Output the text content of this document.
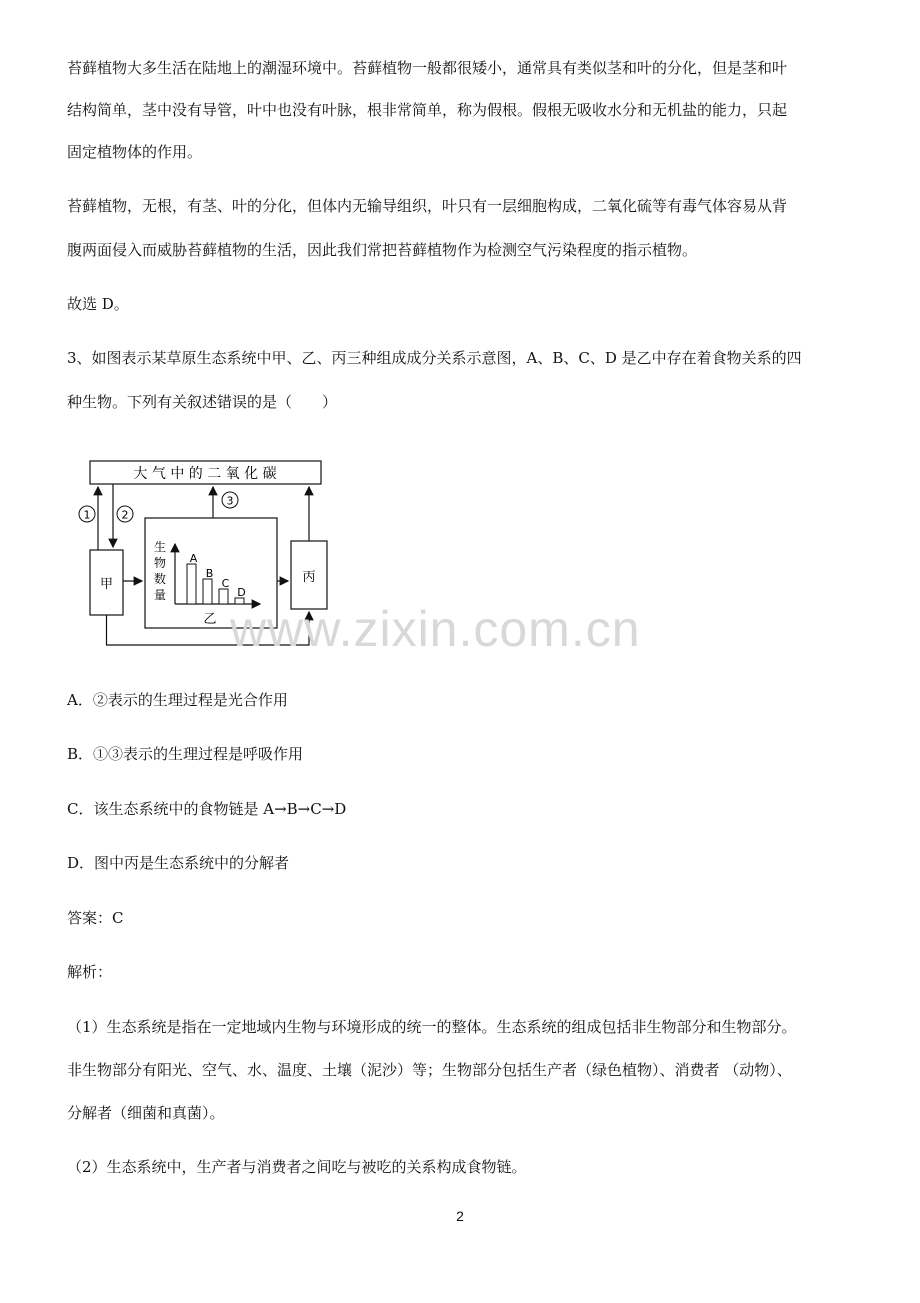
苔藓植物大多生活在陆地上的潮湿环境中。苔藓植物一般都很矮小，通常具有类似茎和叶的分化，但是茎和叶

结构简单，茎中没有导管，叶中也没有叶脉，根非常简单，称为假根。假根无吸收水分和无机盐的能力，只起

固定植物体的作用。

苔藓植物，无根，有茎、叶的分化，但体内无输导组织，叶只有一层细胞构成，二氧化硫等有毒气体容易从背

腹两面侵入而威胁苔藓植物的生活，因此我们常把苔藓植物作为检测空气污染程度的指示植物。

故选 D。

3、如图表示某草原生态系统中甲、乙、丙三种组成成分关系示意图，A、B、C、D 是乙中存在着食物关系的四

种生物。下列有关叙述错误的是（　　）

大 气 中 的 二 氧 化 碳
甲	丙
1	2
3
生
物
数
量
A
B
C
D
乙

A．②表示的生理过程是光合作用

B．①③表示的生理过程是呼吸作用

C．该生态系统中的食物链是 A→B→C→D

D．图中丙是生态系统中的分解者

答案：C

解析：

（1）生态系统是指在一定地域内生物与环境形成的统一的整体。生态系统的组成包括非生物部分和生物部分。

非生物部分有阳光、空气、水、温度、土壤（泥沙）等；生物部分包括生产者（绿色植物）、消费者 （动物）、

分解者（细菌和真菌）。

（2）生态系统中，生产者与消费者之间吃与被吃的关系构成食物链。

www.zixin.com.cn
2
